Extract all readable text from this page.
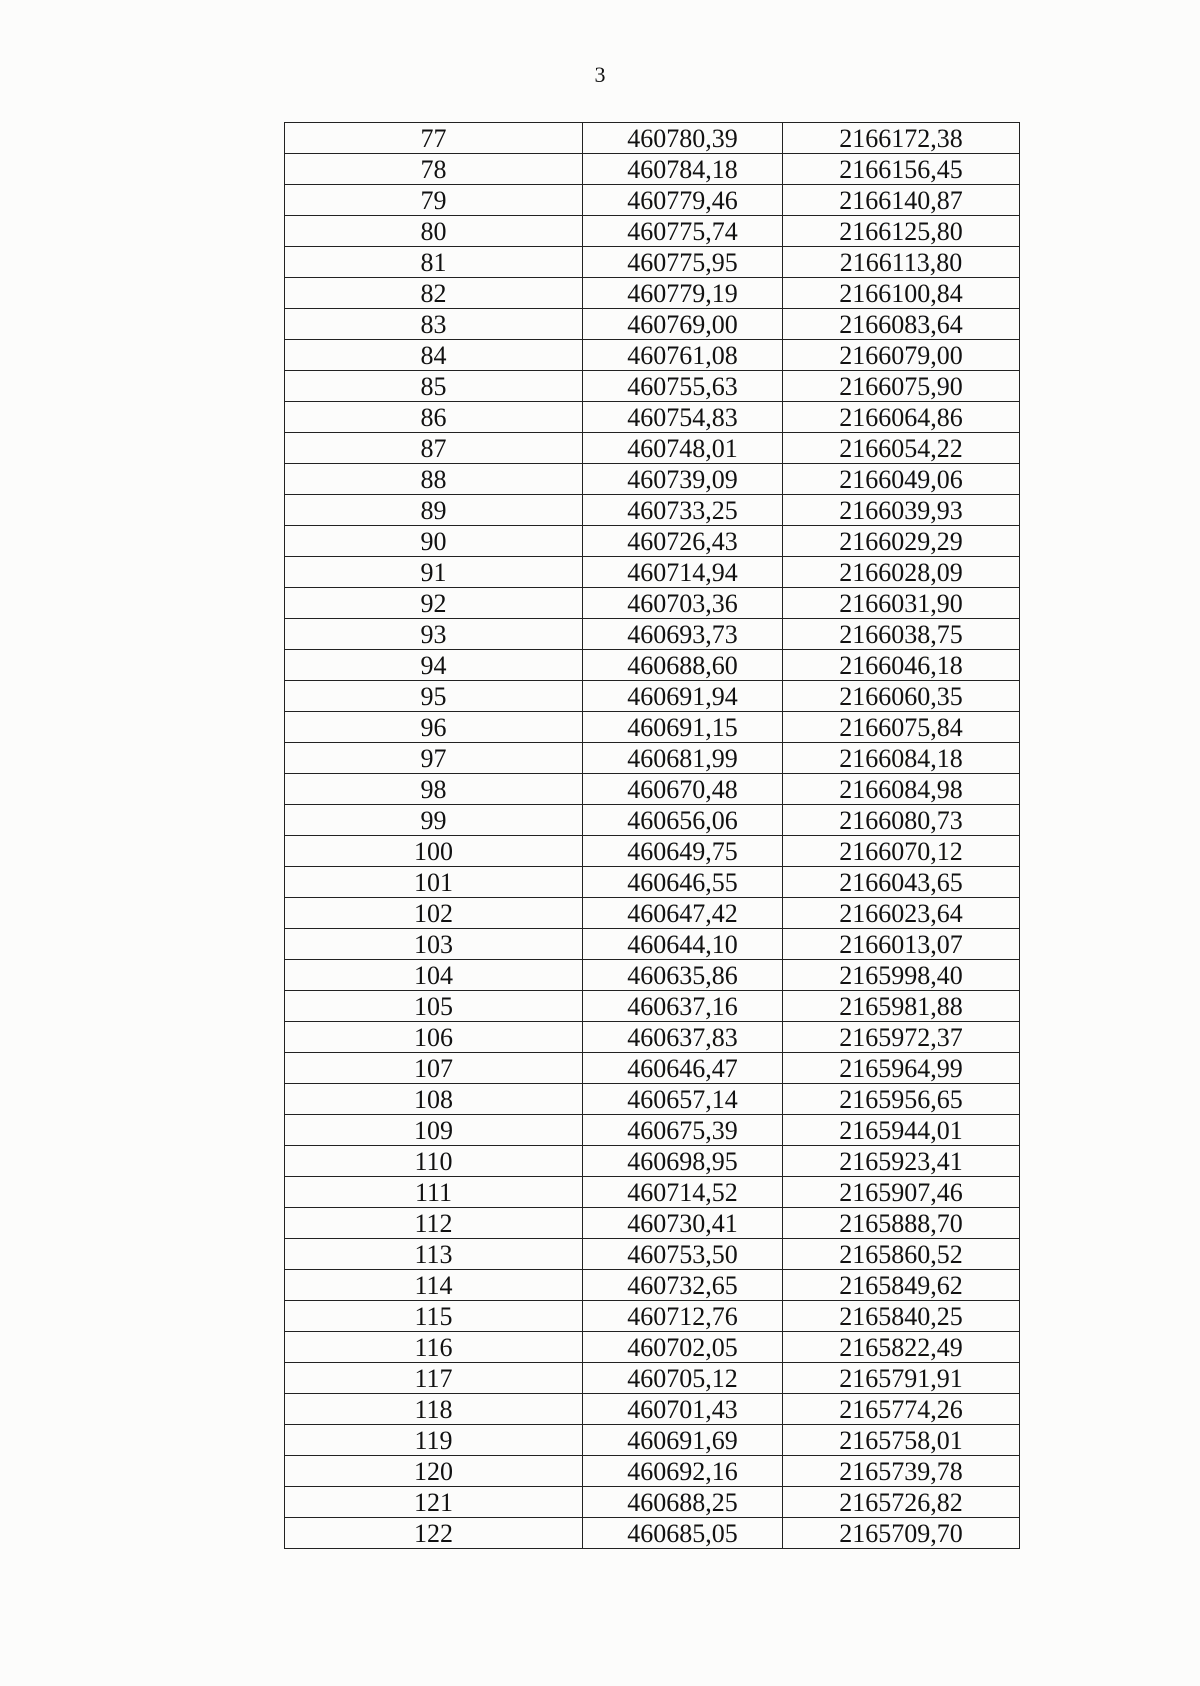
3
77	460780,39	2166172,38
78	460784,18	2166156,45
79	460779,46	2166140,87
80	460775,74	2166125,80
81	460775,95	2166113,80
82	460779,19	2166100,84
83	460769,00	2166083,64
84	460761,08	2166079,00
85	460755,63	2166075,90
86	460754,83	2166064,86
87	460748,01	2166054,22
88	460739,09	2166049,06
89	460733,25	2166039,93
90	460726,43	2166029,29
91	460714,94	2166028,09
92	460703,36	2166031,90
93	460693,73	2166038,75
94	460688,60	2166046,18
95	460691,94	2166060,35
96	460691,15	2166075,84
97	460681,99	2166084,18
98	460670,48	2166084,98
99	460656,06	2166080,73
100	460649,75	2166070,12
101	460646,55	2166043,65
102	460647,42	2166023,64
103	460644,10	2166013,07
104	460635,86	2165998,40
105	460637,16	2165981,88
106	460637,83	2165972,37
107	460646,47	2165964,99
108	460657,14	2165956,65
109	460675,39	2165944,01
110	460698,95	2165923,41
111	460714,52	2165907,46
112	460730,41	2165888,70
113	460753,50	2165860,52
114	460732,65	2165849,62
115	460712,76	2165840,25
116	460702,05	2165822,49
117	460705,12	2165791,91
118	460701,43	2165774,26
119	460691,69	2165758,01
120	460692,16	2165739,78
121	460688,25	2165726,82
122	460685,05	2165709,70
